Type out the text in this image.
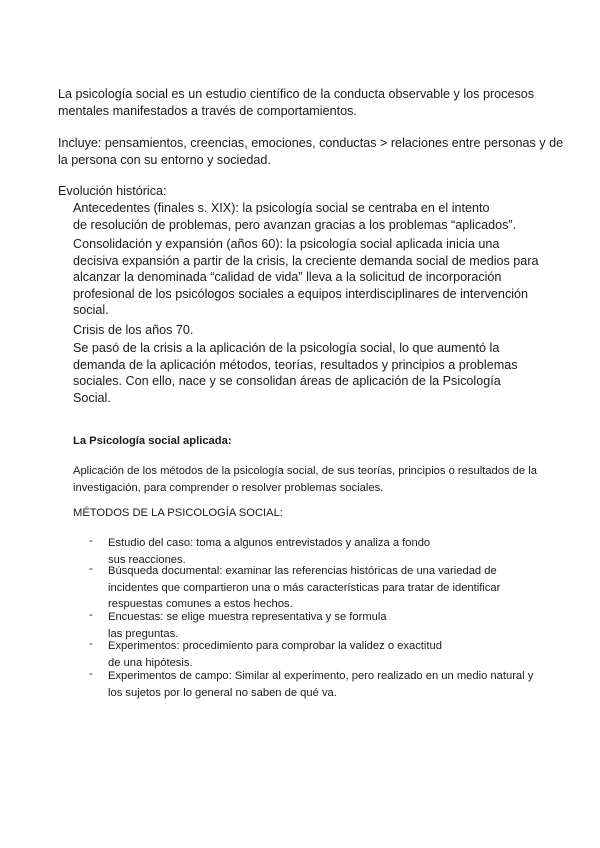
La psicología social es un estudio científico de la conducta observable y los procesos
mentales manifestados a través de comportamientos.
Incluye: pensamientos, creencias, emociones, conductas > relaciones entre personas y de
la persona con su entorno y sociedad.
Evolución histórica:
Antecedentes (finales s. XIX): la psicología social se centraba en el intento
de resolución de problemas, pero avanzan gracias a los problemas “aplicados”.
Consolidación y expansión (años 60): la psicología social aplicada inicia una
decisiva expansión a partir de la crisis, la creciente demanda social de medios para
alcanzar la denominada “calidad de vida” lleva a la solicitud de incorporación
profesional de los psicólogos sociales a equipos interdisciplinares de intervención
social.
Crisis de los años 70.
Se pasó de la crisis a la aplicación de la psicología social, lo que aumentó la
demanda de la aplicación métodos, teorías, resultados y principios a problemas
sociales. Con ello, nace y se consolidan áreas de aplicación de la Psicología
Social.
La Psicología social aplicada:
Aplicación de los métodos de la psicología social, de sus teorías, principios o resultados de la
investigación, para comprender o resolver problemas sociales.
MÉTODOS DE LA PSICOLOGÍA SOCIAL:
- Estudio del caso: toma a algunos entrevistados y analiza a fondo
sus reacciones.
- Búsqueda documental: examinar las referencias históricas de una variedad de
incidentes que compartieron una o más características para tratar de identificar
respuestas comunes a estos hechos.
- Encuestas: se elige muestra representativa y se formula
las preguntas.
- Experimentos: procedimiento para comprobar la validez o exactitud
de una hipótesis.
- Experimentos de campo: Similar al experimento, pero realizado en un medio natural y
los sujetos por lo general no saben de qué va.
